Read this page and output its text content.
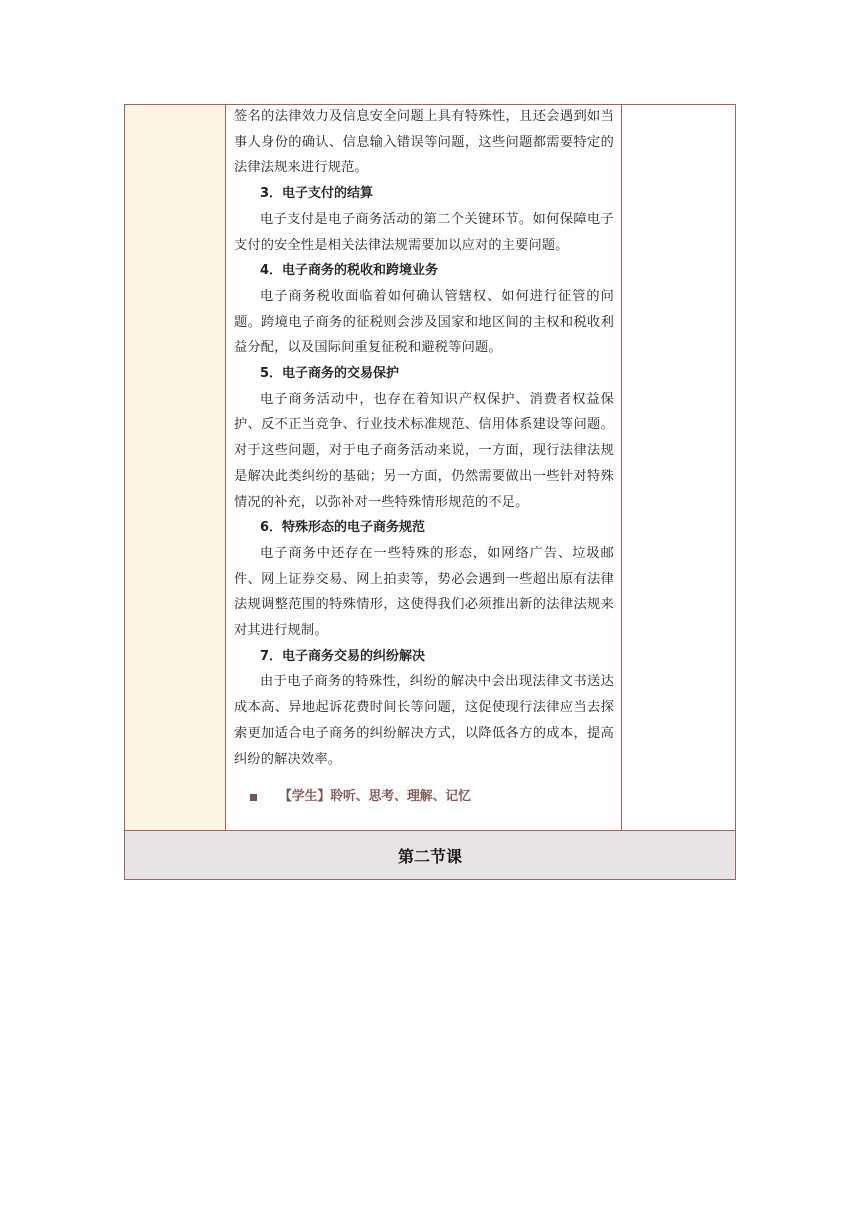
签名的法律效力及信息安全问题上具有特殊性，且还会遇到如当事人身份的确认、信息输入错误等问题，这些问题都需要特定的法律法规来进行规范。

3．电子支付的结算

电子支付是电子商务活动的第二个关键环节。如何保障电子支付的安全性是相关法律法规需要加以应对的主要问题。

4．电子商务的税收和跨境业务

电子商务税收面临着如何确认管辖权、如何进行征管的问题。跨境电子商务的征税则会涉及国家和地区间的主权和税收利益分配，以及国际间重复征税和避税等问题。

5．电子商务的交易保护

电子商务活动中，也存在着知识产权保护、消费者权益保护、反不正当竞争、行业技术标准规范、信用体系建设等问题。对于这些问题，对于电子商务活动来说，一方面，现行法律法规是解决此类纠纷的基础；另一方面，仍然需要做出一些针对特殊情况的补充，以弥补对一些特殊情形规范的不足。

6．特殊形态的电子商务规范

电子商务中还存在一些特殊的形态，如网络广告、垃圾邮件、网上证券交易、网上拍卖等，势必会遇到一些超出原有法律法规调整范围的特殊情形，这使得我们必须推出新的法律法规来对其进行规制。

7．电子商务交易的纠纷解决

由于电子商务的特殊性，纠纷的解决中会出现法律文书送达成本高、异地起诉花费时间长等问题，这促使现行法律应当去探索更加适合电子商务的纠纷解决方式，以降低各方的成本，提高纠纷的解决效率。

【学生】聆听、思考、理解、记忆
第二节课
